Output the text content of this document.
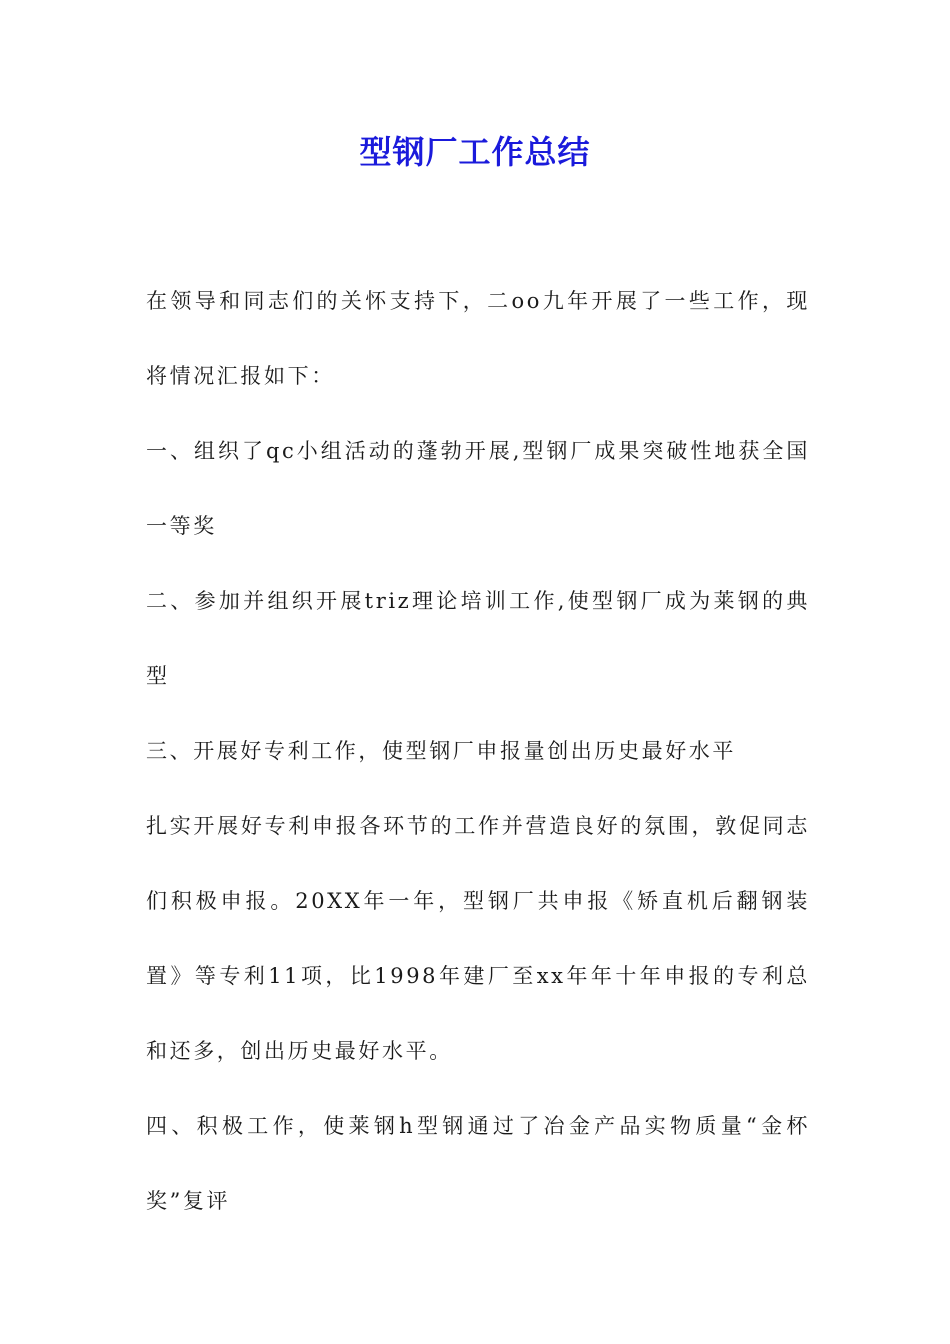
型钢厂工作总结

在领导和同志们的关怀支持下，二oo九年开展了一些工作，现将情况汇报如下：

一、组织了qc小组活动的蓬勃开展,型钢厂成果突破性地获全国一等奖

二、参加并组织开展triz理论培训工作,使型钢厂成为莱钢的典型

三、开展好专利工作，使型钢厂申报量创出历史最好水平

扎实开展好专利申报各环节的工作并营造良好的氛围，敦促同志们积极申报。20XX年一年，型钢厂共申报《矫直机后翻钢装置》等专利11项，比1998年建厂至xx年年十年申报的专利总和还多，创出历史最好水平。

四、积极工作，使莱钢h型钢通过了冶金产品实物质量“金杯奖”复评
